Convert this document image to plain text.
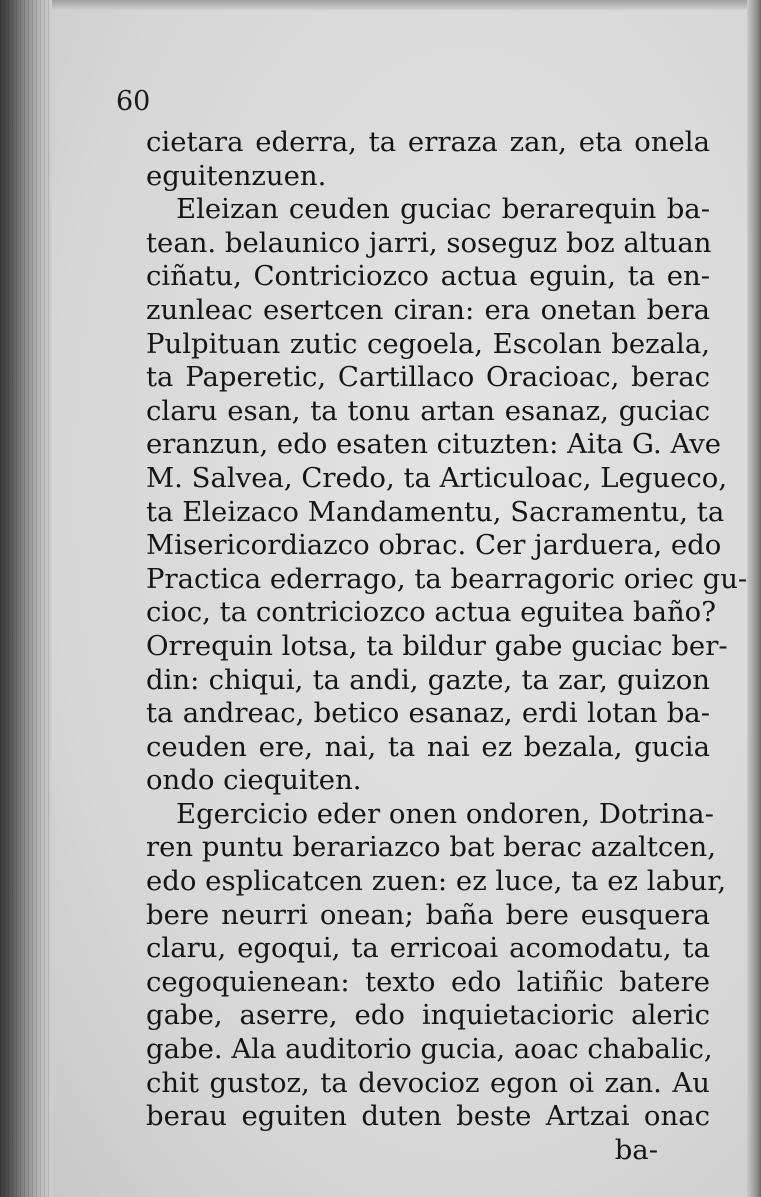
60
cietara ederra, ta erraza zan, eta onela
eguitenzuen.
Eleizan ceuden guciac berarequin ba-
tean. belaunico jarri, soseguz boz altuan
ciñatu, Contriciozco actua eguin, ta en-
zunleac esertcen ciran: era onetan bera
Pulpituan zutic cegoela, Escolan bezala,
ta Paperetic, Cartillaco Oracioac, berac
claru esan, ta tonu artan esanaz, guciac
eranzun, edo esaten cituzten: Aita G. Ave
M. Salvea, Credo, ta Articuloac, Legueco,
ta Eleizaco Mandamentu, Sacramentu, ta
Misericordiazco obrac. Cer jarduera, edo
Practica ederrago, ta bearragoric oriec gu-
cioc, ta contriciozco actua eguitea baño?
Orrequin lotsa, ta bildur gabe guciac ber-
din: chiqui, ta andi, gazte, ta zar, guizon
ta andreac, betico esanaz, erdi lotan ba-
ceuden ere, nai, ta nai ez bezala, gucia
ondo ciequiten.
Egercicio eder onen ondoren, Dotrina-
ren puntu berariazco bat berac azaltcen,
edo esplicatcen zuen: ez luce, ta ez labur,
bere neurri onean; baña bere eusquera
claru, egoqui, ta erricoai acomodatu, ta
cegoquienean: texto edo latiñic batere
gabe, aserre, edo inquietacioric aleric
gabe. Ala auditorio gucia, aoac chabalic,
chit gustoz, ta devocioz egon oi zan. Au
berau eguiten duten beste Artzai onac
ba-
